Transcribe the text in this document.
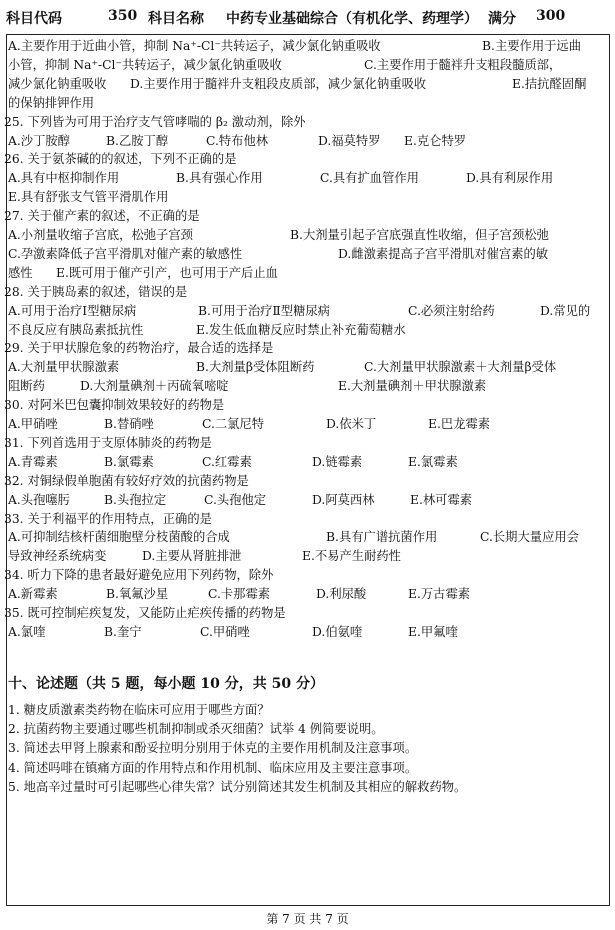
科目代码	350 科目名称 中药专业基础综合（有机化学、药理学） 满分 300
A.主要作用于近曲小管，抑制 Na⁺-Cl⁻共转运子，减少氯化钠重吸收	B.主要作用于远曲
小管，抑制 Na⁺-Cl⁻共转运子，减少氯化钠重吸收	C.主要作用于髓袢升支粗段髓质部，
减少氯化钠重吸收 D.主要作用于髓袢升支粗段皮质部，减少氯化钠重吸收	E.拮抗醛固酮
的保钠排钾作用
25. 下列皆为可用于治疗支气管哮喘的 β₂ 激动剂，除外
A.沙丁胺醇	B.乙胺丁醇	C.特布他林	D.福莫特罗 E.克仑特罗
26. 关于氨茶碱的的叙述，下列不正确的是
A.具有中枢抑制作用	B.具有强心作用	C.具有扩血管作用	D.具有利尿作用
E.具有舒张支气管平滑肌作用
27. 关于催产素的叙述，不正确的是
A.小剂量收缩子宫底，松弛子宫颈	B.大剂量引起子宫底强直性收缩，但子宫颈松弛
C.孕激素降低子宫平滑肌对催产素的敏感性	D.雌激素提高子宫平滑肌对催宫素的敏
感性 E.既可用于催产引产，也可用于产后止血
28. 关于胰岛素的叙述，错误的是
A.可用于治疗Ⅰ型糖尿病	B.可用于治疗Ⅱ型糖尿病	C.必须注射给药	D.常见的
不良反应有胰岛素抵抗性	E.发生低血糖反应时禁止补充葡萄糖水
29. 关于甲状腺危象的药物治疗，最合适的选择是
A.大剂量甲状腺激素	B.大剂量β受体阻断药	C.大剂量甲状腺激素＋大剂量β受体
阻断药	D.大剂量碘剂＋丙硫氧嘧啶	E.大剂量碘剂＋甲状腺激素
30. 对阿米巴包囊抑制效果较好的药物是
A.甲硝唑	B.替硝唑	C.二氯尼特	D.依米丁	E.巴龙霉素
31. 下列首选用于支原体肺炎的药物是
A.青霉素	B.氯霉素	C.红霉素	D.链霉素	E.氯霉素
32. 对铜绿假单胞菌有较好疗效的抗菌药物是
A.头孢噻肟	B.头孢拉定	C.头孢他定	D.阿莫西林	E.林可霉素
33. 关于利福平的作用特点，正确的是
A.可抑制结核杆菌细胞壁分枝菌酸的合成	B.具有广谱抗菌作用	C.长期大量应用会
导致神经系统病变	D.主要从肾脏排泄	E.不易产生耐药性
34. 听力下降的患者最好避免应用下列药物，除外
A.新霉素	B.氧氟沙星	C.卡那霉素	D.利尿酸	E.万古霉素
35. 既可控制疟疾复发，又能防止疟疾传播的药物是
A.氯喹	B.奎宁	C.甲硝唑	D.伯氨喹	E.甲氟喹
十、论述题（共 5 题，每小题 10 分，共 50 分）
1. 糖皮质激素类药物在临床可应用于哪些方面？
2. 抗菌药物主要通过哪些机制抑制或杀灭细菌？试举 4 例简要说明。
3. 简述去甲肾上腺素和酚妥拉明分别用于休克的主要作用机制及注意事项。
4. 简述吗啡在镇痛方面的作用特点和作用机制、临床应用及主要注意事项。
5. 地高辛过量时可引起哪些心律失常？试分别简述其发生机制及其相应的解救药物。
第 7 页 共 7 页
